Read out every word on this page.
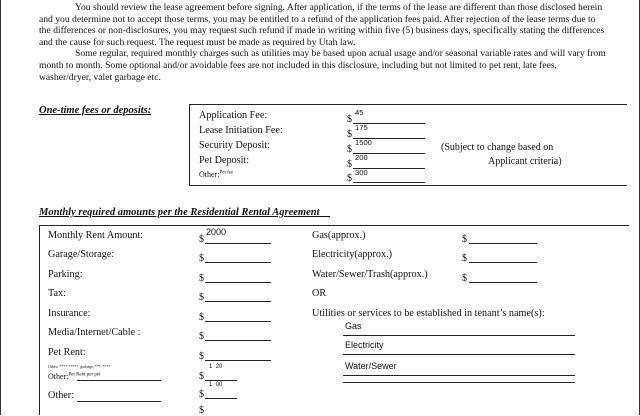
You should review the lease agreement before signing. After application, if the terms of the lease are different than those disclosed herein and you determine not to accept those terms, you may be entitled to a refund of the application fees paid. After rejection of the lease terms due to the differences or non-disclosures, you may request such refund if made in writing within five (5) business days, specifically stating the differences and the cause for such request. The request must be made as required by Utah law.

Some regular, required monthly charges such as utilities may be based upon actual usage and/or seasonal variable rates and will vary from month to month. Some optional and/or avoidable fees are not included in this disclosure, including but not limited to pet rent, late fees, washer/dryer, valet garbage etc.

One-time fees or deposits:	Application Fee:
Lease Initiation Fee:
Security Deposit:
Pet Deposit:
Other:$^{Pet fee}$
$
45
$
175
$
1500
$
200
$
300
(Subject to change based on
Applicant criteria)
Monthly required amounts per the Residential Rental Agreement
Monthly Rent Amount:
Garage/Storage:
Parking:
Tax:
Insurance:
Media/Internet/Cable :
Pet Rent:
Other: **** *****, garbage, ***-****
Other:$^{Pet Rent per pet}$
Other:
$
2000
$
$
$
$
$
$
$
1  20
$
1  00
$
Gas(approx.)
Electricity(approx.)
Water/Sewer/Trash(approx.)
OR
Utilities or services to be established in tenant’s name(s):
$
$
$
Gas
Electricity
Water/Sewer
